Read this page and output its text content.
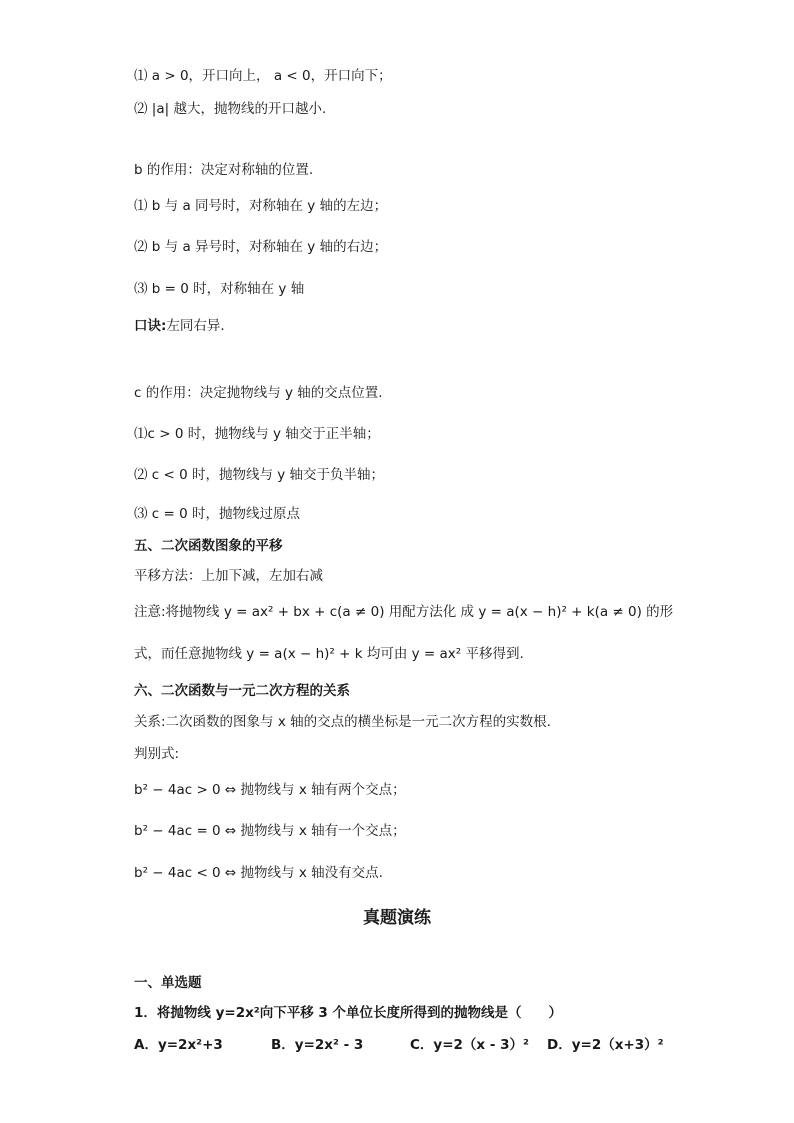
⑴ a > 0，开口向上， a < 0，开口向下；
⑵ |a| 越大，抛物线的开口越小.
b 的作用：决定对称轴的位置.
⑴ b 与 a 同号时，对称轴在 y 轴的左边；
⑵ b 与 a 异号时，对称轴在 y 轴的右边；
⑶ b = 0 时，对称轴在 y 轴
口诀:左同右异.
c 的作用：决定抛物线与 y 轴的交点位置.
⑴c > 0 时，抛物线与 y 轴交于正半轴；
⑵ c < 0 时，抛物线与 y 轴交于负半轴；
⑶ c = 0 时，抛物线过原点
五、二次函数图象的平移
平移方法：上加下减，左加右减
注意:将抛物线 y = ax² + bx + c(a ≠ 0) 用配方法化 成 y = a(x − h)² + k(a ≠ 0) 的形
式，而任意抛物线 y = a(x − h)² + k 均可由 y = ax² 平移得到.
六、二次函数与一元二次方程的关系
关系:二次函数的图象与 x 轴的交点的横坐标是一元二次方程的实数根.
判别式:
b² − 4ac > 0 ⇔ 抛物线与 x 轴有两个交点；
b² − 4ac = 0 ⇔ 抛物线与 x 轴有一个交点；
b² − 4ac < 0 ⇔ 抛物线与 x 轴没有交点.
真题演练
一、单选题
1．将抛物线 y=2x²向下平移 3 个单位长度所得到的抛物线是（　　）
A．y=2x²+3	B．y=2x² - 3	C．y=2（x - 3）² D．y=2（x+3）²
